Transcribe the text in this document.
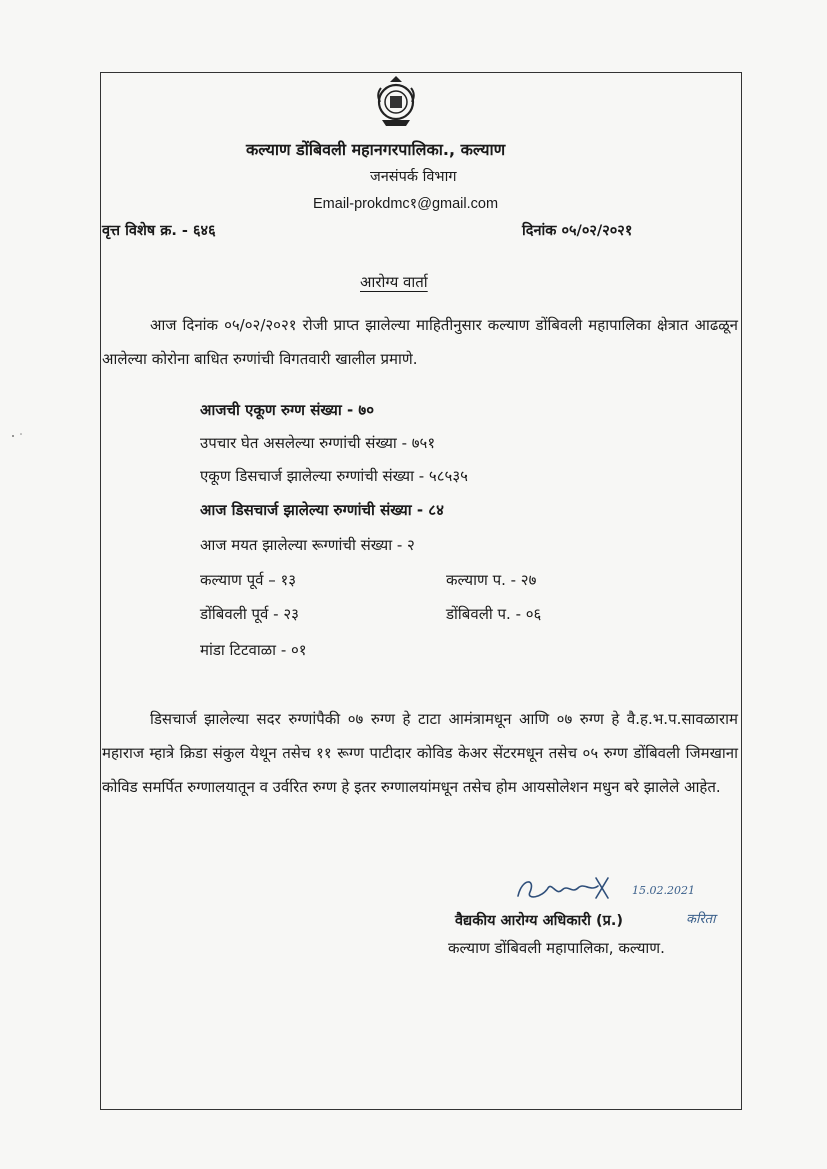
कल्याण डोंबिवली महानगरपालिका., कल्याण
जनसंपर्क विभाग
Email-prokdmc१@gmail.com
वृत्त विशेष क्र. - ६४६	दिनांक ०५/०२/२०२१
आरोग्य वार्ता
आज दिनांक ०५/०२/२०२१ रोजी प्राप्त झालेल्या माहितीनुसार कल्याण डोंबिवली महापालिका क्षेत्रात आढळून आलेल्या कोरोना बाधित रुग्णांची विगतवारी खालील प्रमाणे.
आजची एकूण रुग्ण संख्या - ७०
उपचार घेत असलेल्या रुग्णांची संख्या - ७५१
एकूण डिसचार्ज झालेल्या रुग्णांची संख्या - ५८५३५
आज डिसचार्ज झालेल्या रुग्णांची संख्या - ८४
आज मयत झालेल्या रूग्णांची संख्या - २
कल्याण पूर्व – १३	कल्याण प. - २७
डोंबिवली पूर्व - २३	डोंबिवली प. - ०६
मांडा टिटवाळा - ०१
डिसचार्ज झालेल्या सदर रुग्णांपैकी ०७ रुग्ण हे टाटा आमंत्रामधून आणि ०७ रुग्ण हे वै.ह.भ.प.सावळाराम महाराज म्हात्रे क्रिडा संकुल येथून तसेच ११ रूग्ण पाटीदार कोविड केअर सेंटरमधून तसेच ०५ रुग्ण डोंबिवली जिमखाना कोविड समर्पित रुग्णालयातून व उर्वरित रुग्ण हे इतर रुग्णालयांमधून तसेच होम आयसोलेशन मधुन बरे झालेले आहेत.
15.02.2021
वैद्यकीय आरोग्य अधिकारी (प्र.)	करिता
कल्याण डोंबिवली महापालिका, कल्याण.
